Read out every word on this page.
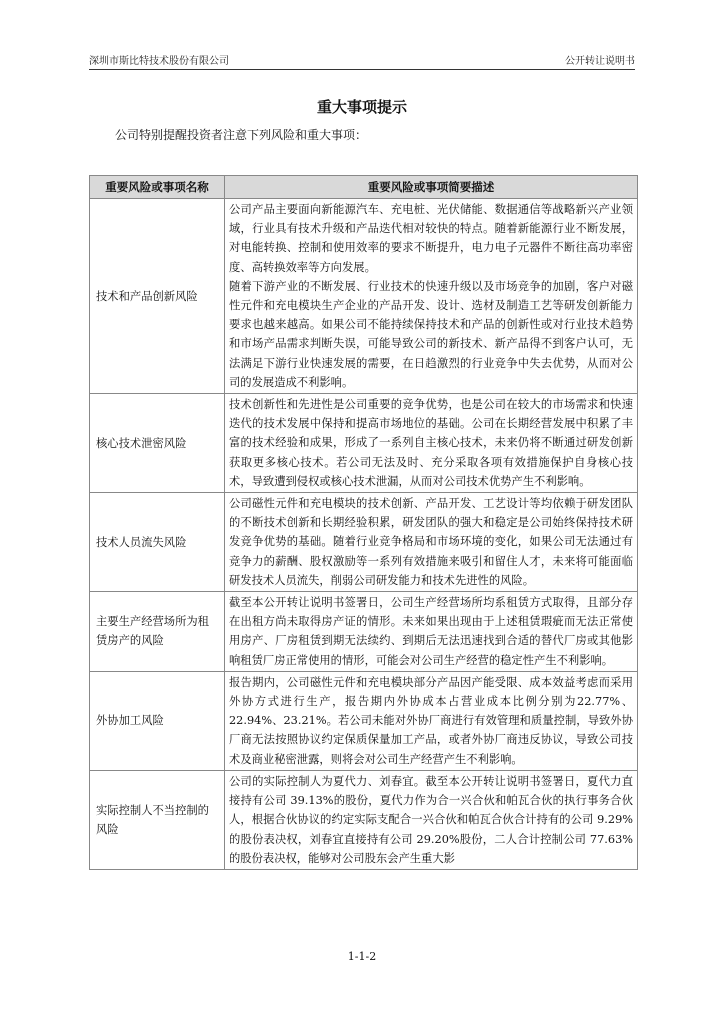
深圳市斯比特技术股份有限公司	公开转让说明书
重大事项提示
公司特别提醒投资者注意下列风险和重大事项：
重要风险或事项名称	重要风险或事项简要描述
技术和产品创新风险	公司产品主要面向新能源汽车、充电桩、光伏储能、数据通信等战略新兴产业领域，行业具有技术升级和产品迭代相对较快的特点。随着新能源行业不断发展，对电能转换、控制和使用效率的要求不断提升，电力电子元器件不断往高功率密度、高转换效率等方向发展。
随着下游产业的不断发展、行业技术的快速升级以及市场竞争的加剧，客户对磁性元件和充电模块生产企业的产品开发、设计、选材及制造工艺等研发创新能力要求也越来越高。如果公司不能持续保持技术和产品的创新性或对行业技术趋势和市场产品需求判断失误，可能导致公司的新技术、新产品得不到客户认可，无法满足下游行业快速发展的需要，在日趋激烈的行业竞争中失去优势，从而对公司的发展造成不利影响。

核心技术泄密风险	技术创新性和先进性是公司重要的竞争优势，也是公司在较大的市场需求和快速迭代的技术发展中保持和提高市场地位的基础。公司在长期经营发展中积累了丰富的技术经验和成果，形成了一系列自主核心技术，未来仍将不断通过研发创新获取更多核心技术。若公司无法及时、充分采取各项有效措施保护自身核心技术，导致遭到侵权或核心技术泄漏，从而对公司技术优势产生不利影响。

技术人员流失风险	公司磁性元件和充电模块的技术创新、产品开发、工艺设计等均依赖于研发团队的不断技术创新和长期经验积累，研发团队的强大和稳定是公司始终保持技术研发竞争优势的基础。随着行业竞争格局和市场环境的变化，如果公司无法通过有竞争力的薪酬、股权激励等一系列有效措施来吸引和留住人才，未来将可能面临研发技术人员流失，削弱公司研发能力和技术先进性的风险。

主要生产经营场所为租赁房产的风险	截至本公开转让说明书签署日，公司生产经营场所均系租赁方式取得，且部分存在出租方尚未取得房产证的情形。未来如果出现由于上述租赁瑕疵而无法正常使用房产、厂房租赁到期无法续约、到期后无法迅速找到合适的替代厂房或其他影响租赁厂房正常使用的情形，可能会对公司生产经营的稳定性产生不利影响。

外协加工风险	报告期内，公司磁性元件和充电模块部分产品因产能受限、成本效益考虑而采用外协方式进行生产，报告期内外协成本占营业成本比例分别为22.77%、22.94%、23.21%。若公司未能对外协厂商进行有效管理和质量控制，导致外协厂商无法按照协议约定保质保量加工产品，或者外协厂商违反协议，导致公司技术及商业秘密泄露，则将会对公司生产经营产生不利影响。

实际控制人不当控制的风险	公司的实际控制人为夏代力、刘春宜。截至本公开转让说明书签署日，夏代力直接持有公司 39.13%的股份，夏代力作为合一兴合伙和帕瓦合伙的执行事务合伙人，根据合伙协议的约定实际支配合一兴合伙和帕瓦合伙合计持有的公司 9.29%的股份表决权，刘春宜直接持有公司 29.20%股份，二人合计控制公司 77.63%的股份表决权，能够对公司股东会产生重大影
1-1-2
